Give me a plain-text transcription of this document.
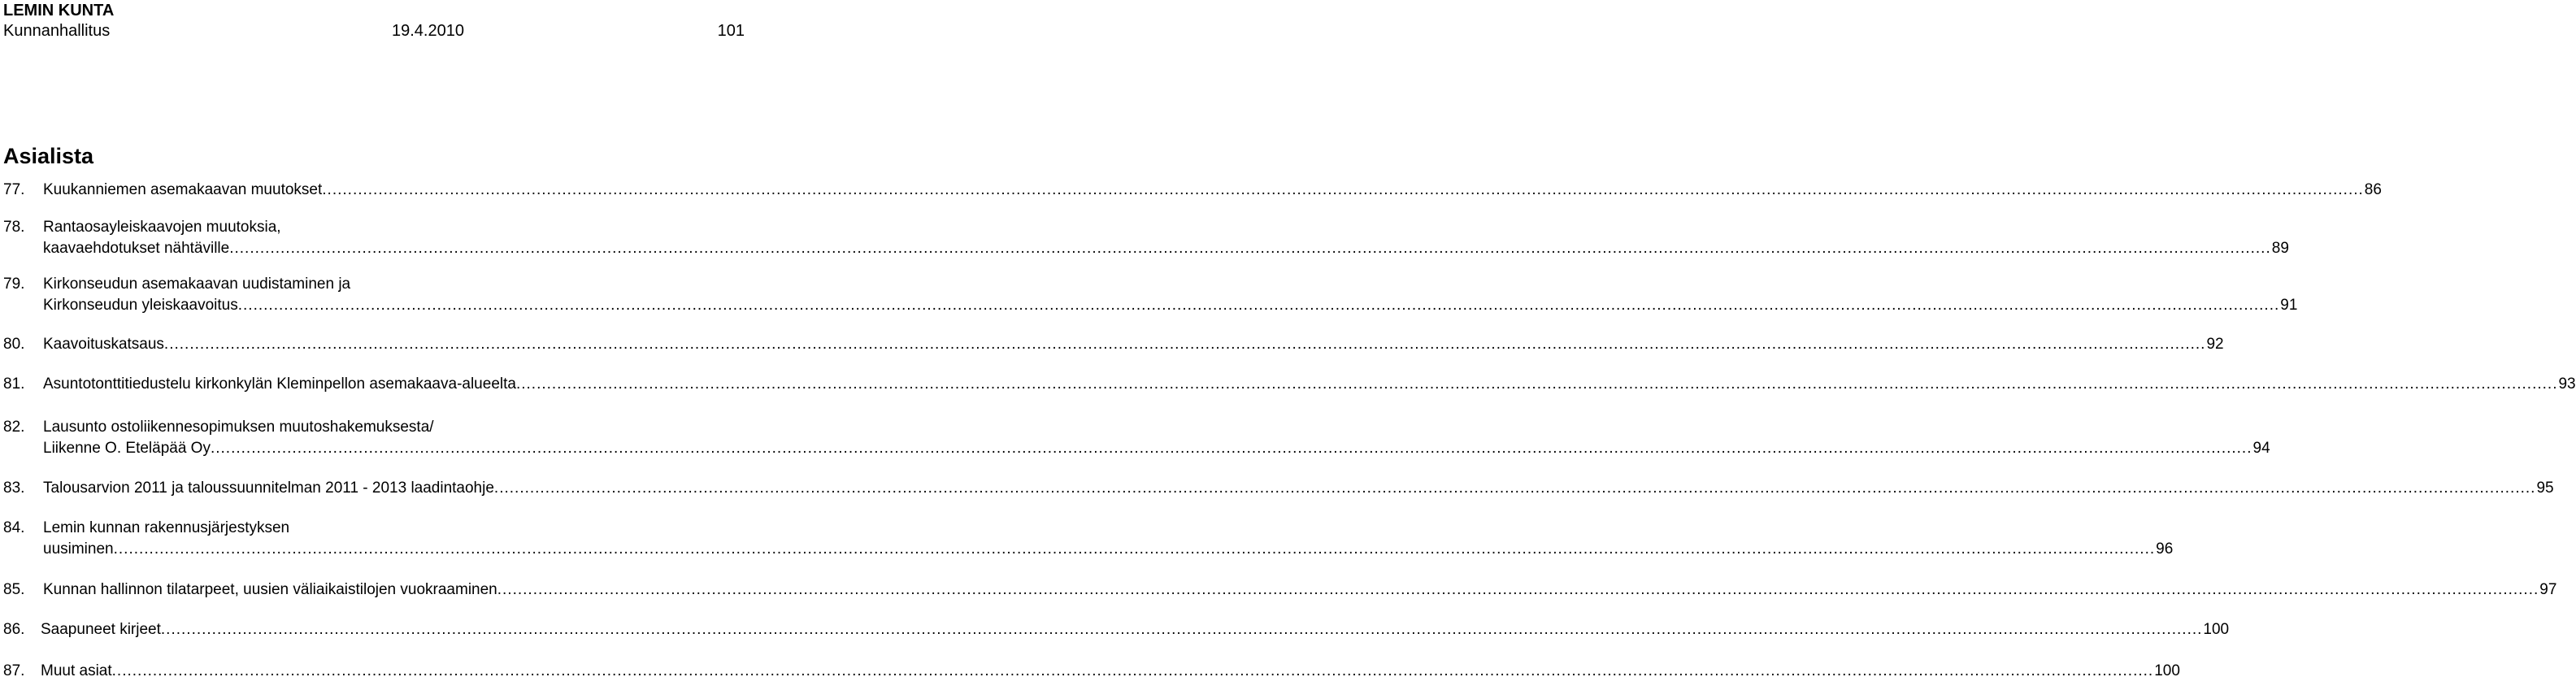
LEMIN KUNTA
Kunnanhallitus	19.4.2010	101
Asialista
77. Kuukanniemen asemakaavan muutokset ................................................................................................................................................................................................................................................................................................................................................................................................................ 86
78. Rantaosayleiskaavojen muutoksia,
kaavaehdotukset nähtäville ................................................................................................................................................................................................................................................................................................................................................................................................................ 89
79. Kirkonseudun asemakaavan uudistaminen ja
Kirkonseudun yleiskaavoitus ................................................................................................................................................................................................................................................................................................................................................................................................................ 91
80. Kaavoituskatsaus ................................................................................................................................................................................................................................................................................................................................................................................................................ 92
81. Asuntotonttitiedustelu kirkonkylän Kleminpellon asemakaava-alueelta ................................................................................................................................................................................................................................................................................................................................................................................................................ 93
82. Lausunto ostoliikennesopimuksen muutoshakemuksesta/
Liikenne O. Eteläpää Oy ................................................................................................................................................................................................................................................................................................................................................................................................................ 94
83. Talousarvion 2011 ja taloussuunnitelman 2011 - 2013 laadintaohje ................................................................................................................................................................................................................................................................................................................................................................................................................ 95
84. Lemin kunnan rakennusjärjestyksen
uusiminen ................................................................................................................................................................................................................................................................................................................................................................................................................ 96
85. Kunnan hallinnon tilatarpeet, uusien väliaikaistilojen vuokraaminen ................................................................................................................................................................................................................................................................................................................................................................................................................ 97
86. Saapuneet kirjeet ................................................................................................................................................................................................................................................................................................................................................................................................................ 100
87. Muut asiat ................................................................................................................................................................................................................................................................................................................................................................................................................ 100
